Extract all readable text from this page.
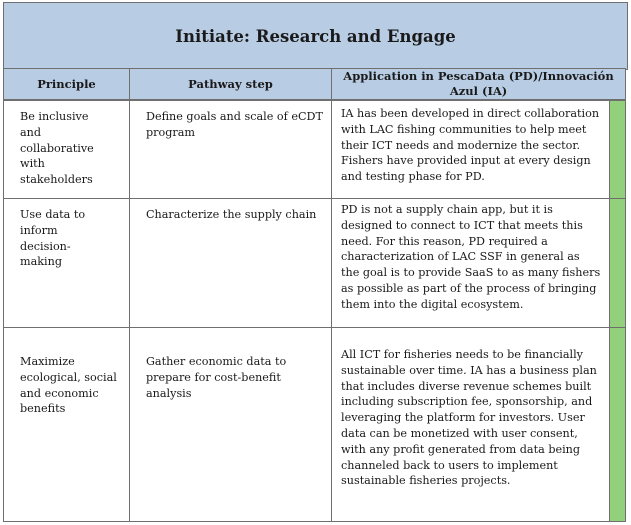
Initiate: Research and Engage
Principle	Pathway step
Application in PescaData (PD)/Innovación Azul (IA)
Be inclusive and collaborative with stakeholders
Define goals and scale of eCDT program
IA has been developed in direct collaboration with LAC fishing communities to help meet their ICT needs and modernize the sector. Fishers have provided input at every design and testing phase for PD.
Use data to inform decision-making
Characterize the supply chain	PD is not a supply chain app, but it is designed to connect to ICT that meets this need. For this reason, PD required a characterization of LAC SSF in general as the goal is to provide SaaS to as many fishers as possible as part of the process of bringing them into the digital ecosystem.
Maximize ecological, social and economic benefits
Gather economic data to prepare for cost-benefit analysis
All ICT for fisheries needs to be financially sustainable over time. IA has a business plan that includes diverse revenue schemes built including subscription fee, sponsorship, and leveraging the platform for investors. User data can be monetized with user consent, with any profit generated from data being channeled back to users to implement sustainable fisheries projects.
